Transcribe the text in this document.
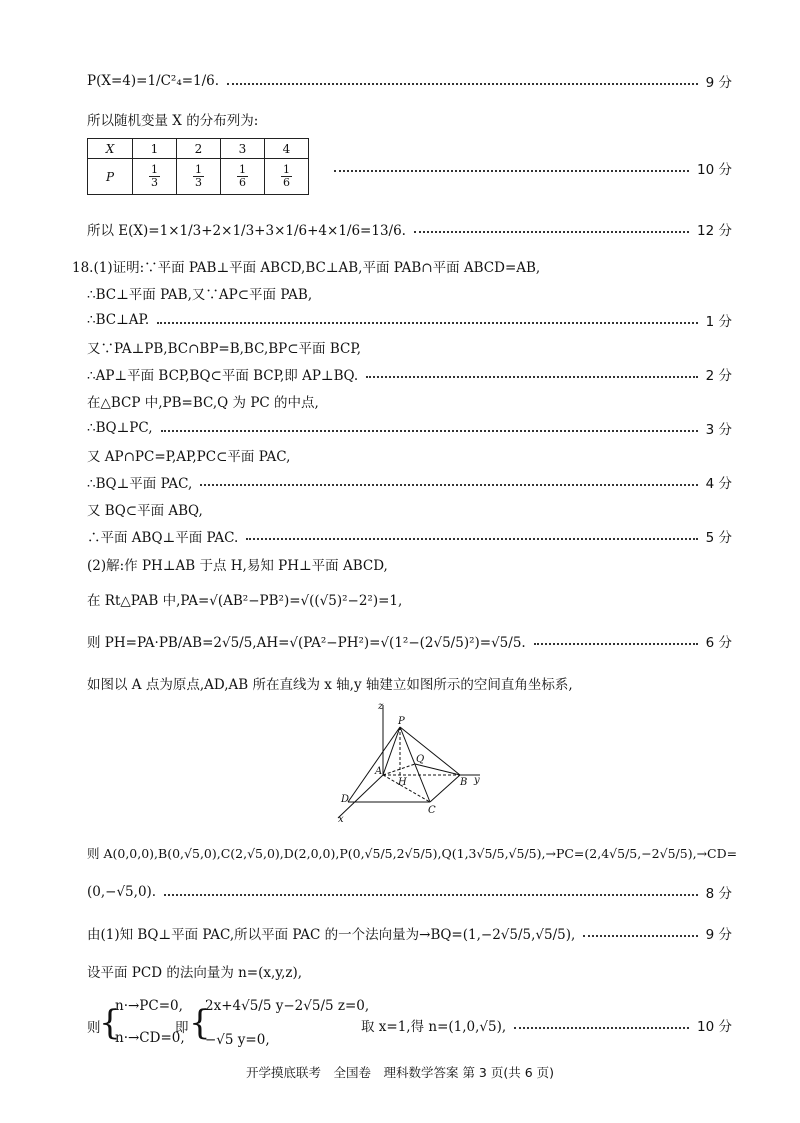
P(X=4)=1/C²₄=1/6.	9 分
所以随机变量 X 的分布列为:
X	1	2	3	4
P	$\frac{1}{3}$	$\frac{1}{3}$	$\frac{1}{6}$	$\frac{1}{6}$	10 分
所以 E(X)=1×1/3+2×1/3+3×1/6+4×1/6=13/6.	12 分
18.(1)证明:∵平面 PAB⊥平面 ABCD,BC⊥AB,平面 PAB∩平面 ABCD=AB,
∴BC⊥平面 PAB,又∵AP⊂平面 PAB,
∴BC⊥AP.	1 分
又∵PA⊥PB,BC∩BP=B,BC,BP⊂平面 BCP,
∴AP⊥平面 BCP,BQ⊂平面 BCP,即 AP⊥BQ.	2 分
在△BCP 中,PB=BC,Q 为 PC 的中点,
∴BQ⊥PC,	3 分
又 AP∩PC=P,AP,PC⊂平面 PAC,
∴BQ⊥平面 PAC,	4 分
又 BQ⊂平面 ABQ,
∴平面 ABQ⊥平面 PAC.	5 分
(2)解:作 PH⊥AB 于点 H,易知 PH⊥平面 ABCD,
在 Rt△PAB 中,PA=√(AB²−PB²)=√((√5)²−2²)=1,
则 PH=PA·PB/AB=2√5/5,AH=√(PA²−PH²)=√(1²−(2√5/5)²)=√5/5.	6 分
如图以 A 点为原点,AD,AB 所在直线为 x 轴,y 轴建立如图所示的空间直角坐标系,
z
P
Q
A
H	B y
D
C
x
则 A(0,0,0),B(0,√5,0),C(2,√5,0),D(2,0,0),P(0,√5/5,2√5/5),Q(1,3√5/5,√5/5),→PC=(2,4√5/5,−2√5/5),→CD=
(0,−√5,0).	8 分
由(1)知 BQ⊥平面 PAC,所以平面 PAC 的一个法向量为→BQ=(1,−2√5/5,√5/5),	9 分
设平面 PCD 的法向量为 n=(x,y,z),
则
{
n·→PC=0,
n·→CD=0,
即 {
2x+4√5/5 y−2√5/5 z=0,
−√5 y=0,
取 x=1,得 n=(1,0,√5),	10 分
开学摸底联考　全国卷　理科数学答案 第 3 页(共 6 页)
